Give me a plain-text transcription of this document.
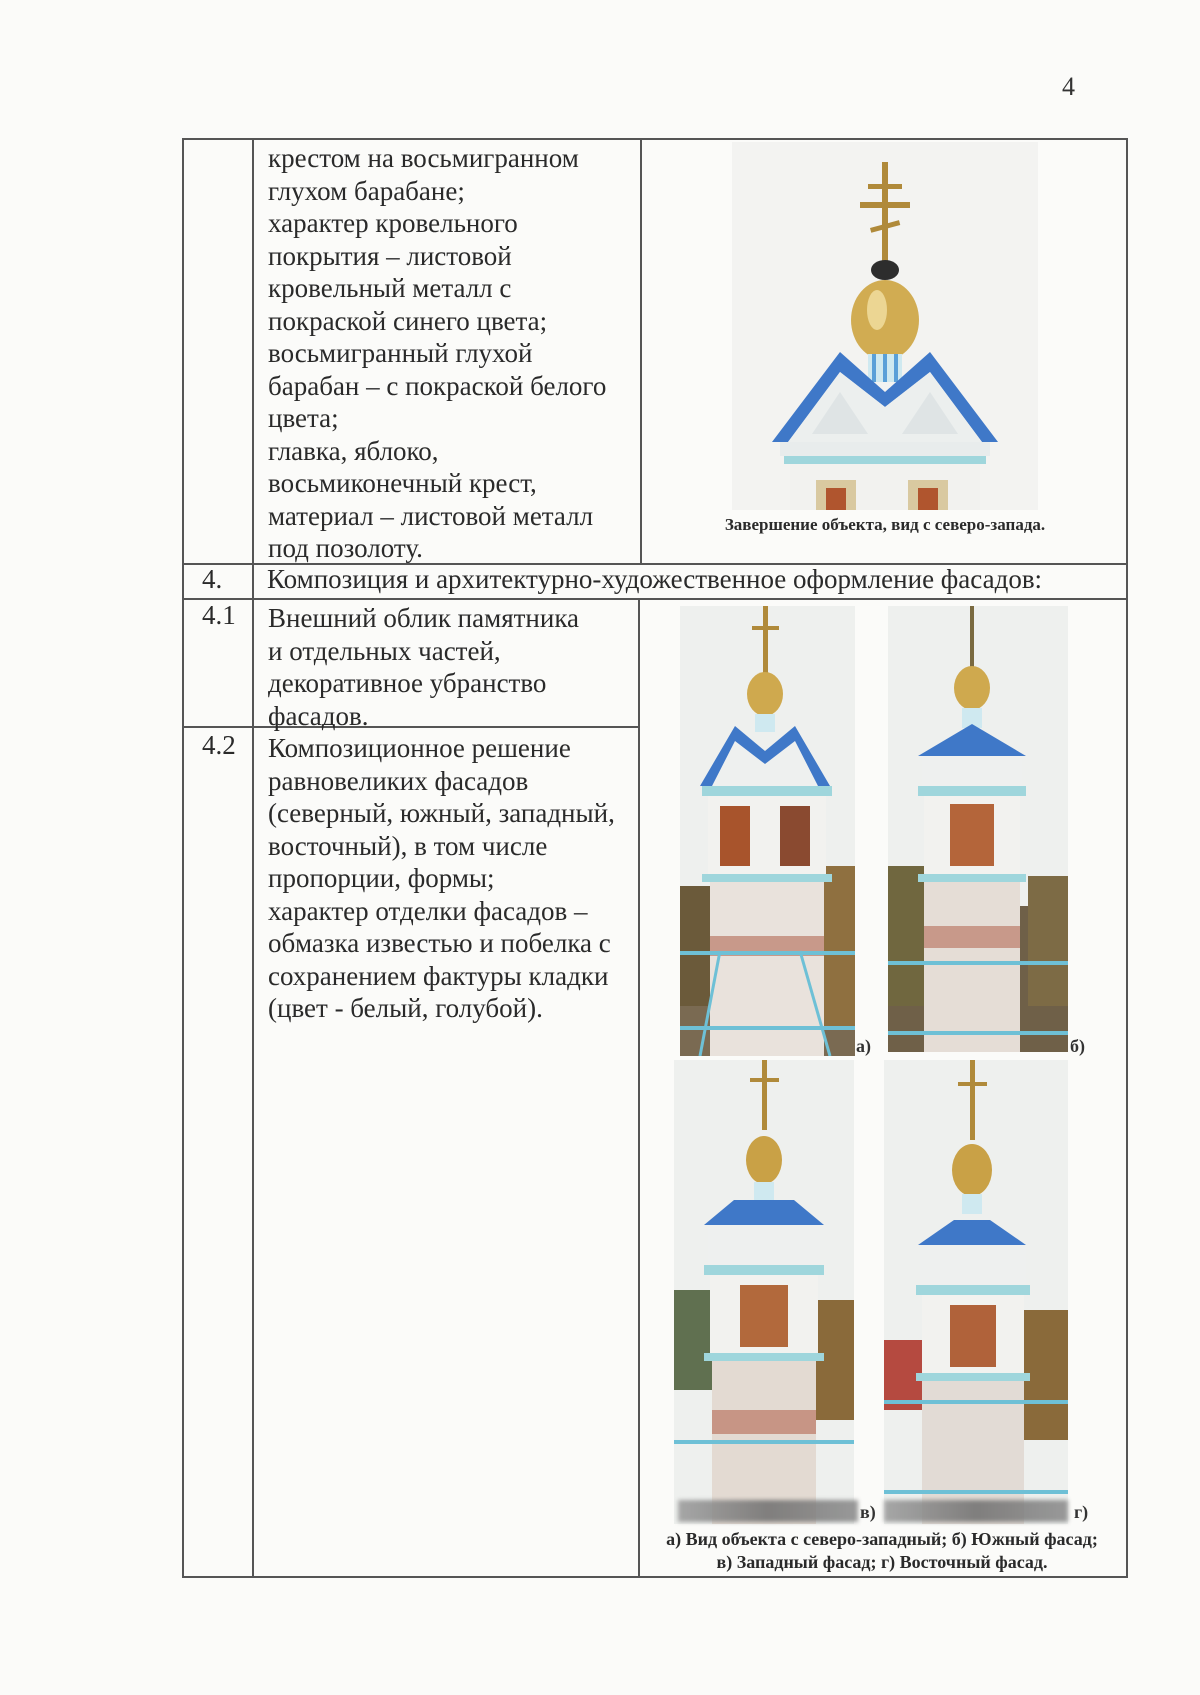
4
крестом на восьмигранном
глухом барабане;
характер кровельного
покрытия – листовой
кровельный металл с
покраской синего цвета;
восьмигранный глухой
барабан – с покраской белого
цвета;
главка, яблоко,
восьмиконечный крест,
материал – листовой металл
под позолоту.
Завершение объекта, вид с северо-запада.
4. Композиция и архитектурно-художественное оформление фасадов:
4.1 Внешний облик памятника
и отдельных частей,
декоративное убранство
фасадов.
4.2 Композиционное решение
равновеликих фасадов
(северный, южный, западный,
восточный), в том числе
пропорции, формы;
характер отделки фасадов –
обмазка известью и побелка с
сохранением фактуры кладки
(цвет - белый, голубой).
а)	б)
в)	г)
а) Вид объекта с северо-западный; б) Южный фасад;
в) Западный фасад; г) Восточный фасад.
